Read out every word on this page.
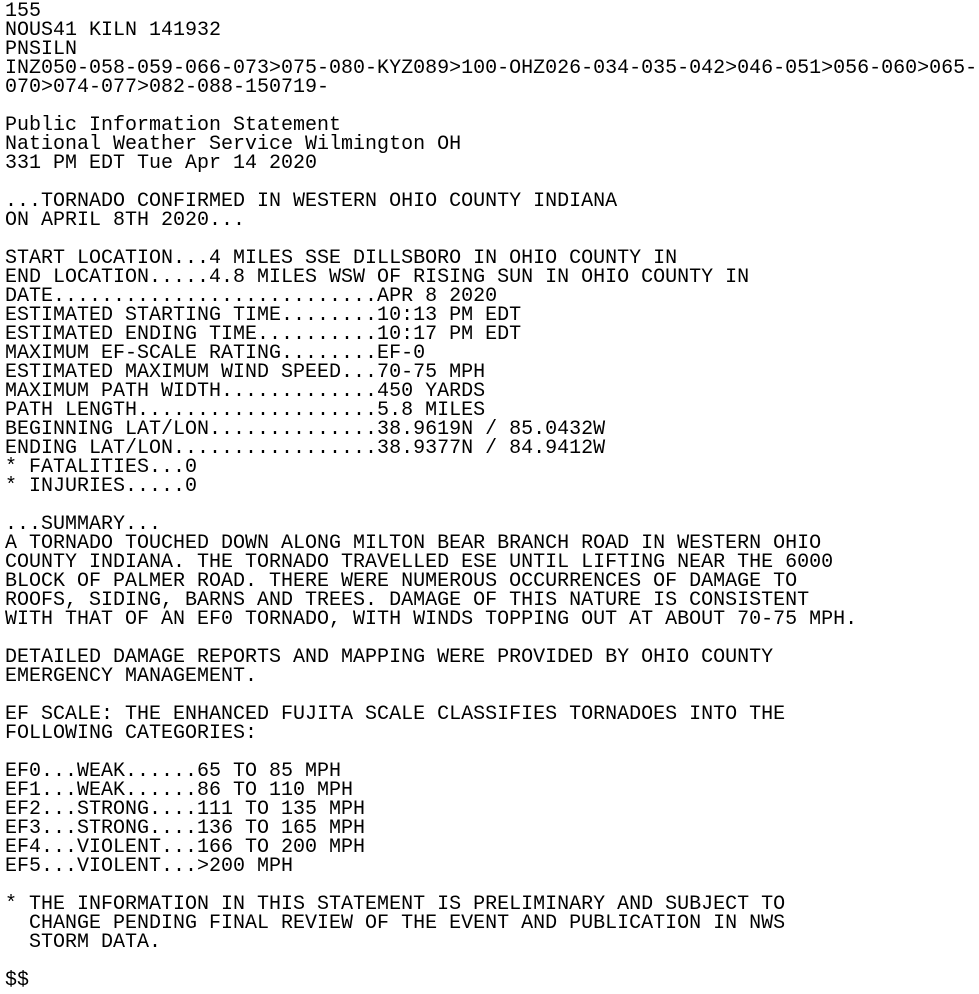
155
NOUS41 KILN 141932
PNSILN
INZ050-058-059-066-073>075-080-KYZ089>100-OHZ026-034-035-042>046-051>056-060>065-
070>074-077>082-088-150719-
Public Information Statement
National Weather Service Wilmington OH
331 PM EDT Tue Apr 14 2020
...TORNADO CONFIRMED IN WESTERN OHIO COUNTY INDIANA
ON APRIL 8TH 2020...
START LOCATION...4 MILES SSE DILLSBORO IN OHIO COUNTY IN
END LOCATION.....4.8 MILES WSW OF RISING SUN IN OHIO COUNTY IN
DATE...........................APR 8 2020
ESTIMATED STARTING TIME........10:13 PM EDT
ESTIMATED ENDING TIME..........10:17 PM EDT
MAXIMUM EF-SCALE RATING........EF-0
ESTIMATED MAXIMUM WIND SPEED...70-75 MPH
MAXIMUM PATH WIDTH.............450 YARDS
PATH LENGTH....................5.8 MILES
BEGINNING LAT/LON..............38.9619N / 85.0432W
ENDING LAT/LON.................38.9377N / 84.9412W
* FATALITIES...0
* INJURIES.....0
...SUMMARY...
A TORNADO TOUCHED DOWN ALONG MILTON BEAR BRANCH ROAD IN WESTERN OHIO
COUNTY INDIANA. THE TORNADO TRAVELLED ESE UNTIL LIFTING NEAR THE 6000
BLOCK OF PALMER ROAD. THERE WERE NUMEROUS OCCURRENCES OF DAMAGE TO
ROOFS, SIDING, BARNS AND TREES. DAMAGE OF THIS NATURE IS CONSISTENT
WITH THAT OF AN EF0 TORNADO, WITH WINDS TOPPING OUT AT ABOUT 70-75 MPH.
DETAILED DAMAGE REPORTS AND MAPPING WERE PROVIDED BY OHIO COUNTY
EMERGENCY MANAGEMENT.
EF SCALE: THE ENHANCED FUJITA SCALE CLASSIFIES TORNADOES INTO THE
FOLLOWING CATEGORIES:
EF0...WEAK......65 TO 85 MPH
EF1...WEAK......86 TO 110 MPH
EF2...STRONG....111 TO 135 MPH
EF3...STRONG....136 TO 165 MPH
EF4...VIOLENT...166 TO 200 MPH
EF5...VIOLENT...>200 MPH
* THE INFORMATION IN THIS STATEMENT IS PRELIMINARY AND SUBJECT TO
CHANGE PENDING FINAL REVIEW OF THE EVENT AND PUBLICATION IN NWS
STORM DATA.
$$
